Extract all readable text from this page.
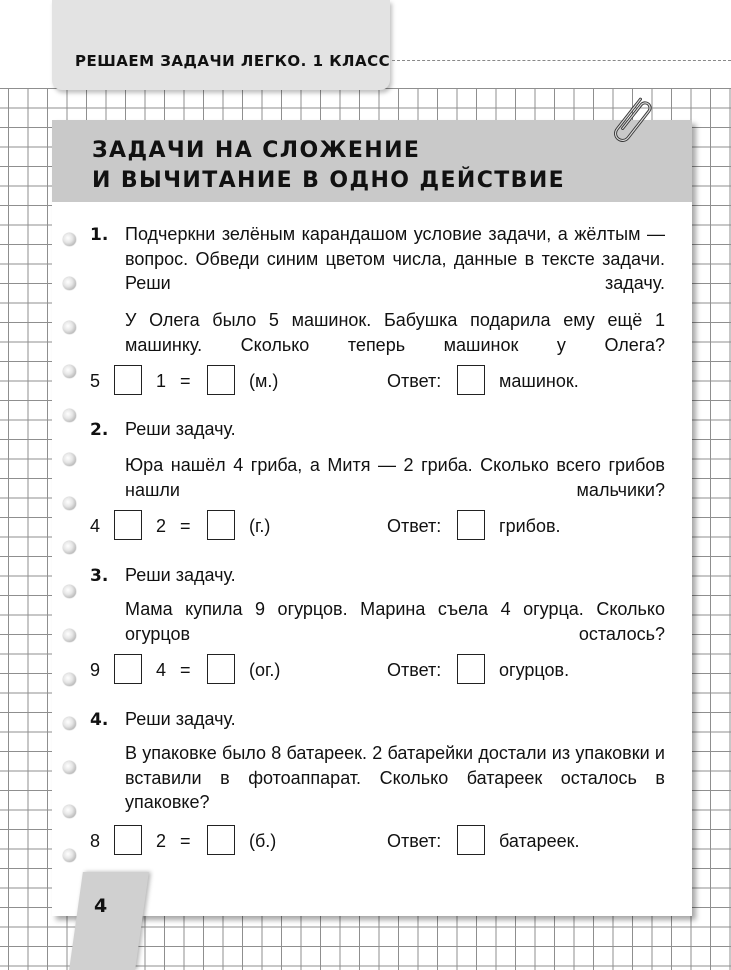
РЕШАЕМ ЗАДАЧИ ЛЕГКО. 1 КЛАСС
ЗАДАЧИ НА СЛОЖЕНИЕ
И ВЫЧИТАНИЕ В ОДНО ДЕЙСТВИЕ
1. Подчеркни зелёным карандашом условие задачи, а жёлтым — вопрос. Обведи синим цветом числа, данные в тексте задачи. Реши задачу.
У Олега было 5 машинок. Бабушка подарила ему ещё 1 машинку. Сколько теперь машинок у Олега?
5	1 =	(м.)	Ответ:	машинок.
2. Реши задачу.
Юра нашёл 4 гриба, а Митя — 2 гриба. Сколько всего грибов нашли мальчики?
4	2 =	(г.)	Ответ:	грибов.
3. Реши задачу.
Мама купила 9 огурцов. Марина съела 4 огурца. Сколько огурцов осталось?
9	4 =	(ог.)	Ответ:	огурцов.
4. Реши задачу.
В упаковке было 8 батареек. 2 батарейки достали из упаковки и вставили в фотоаппарат. Сколько батареек осталось в упаковке?
8	2 =	(б.)	Ответ:	батареек.
4
